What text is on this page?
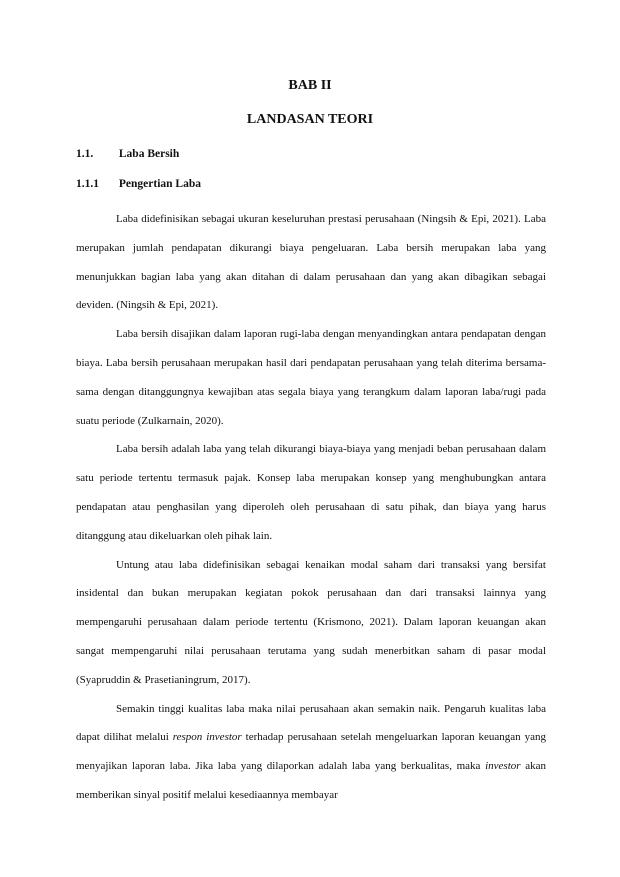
BAB II
LANDASAN TEORI
1.1. Laba Bersih
1.1.1 Pengertian Laba

Laba didefinisikan sebagai ukuran keseluruhan prestasi perusahaan (Ningsih & Epi, 2021). Laba merupakan jumlah pendapatan dikurangi biaya pengeluaran. Laba bersih merupakan laba yang menunjukkan bagian laba yang akan ditahan di dalam perusahaan dan yang akan dibagikan sebagai deviden. (Ningsih & Epi, 2021).

Laba bersih disajikan dalam laporan rugi-laba dengan menyandingkan antara pendapatan dengan biaya. Laba bersih perusahaan merupakan hasil dari pendapatan perusahaan yang telah diterima bersama-sama dengan ditanggungnya kewajiban atas segala biaya yang terangkum dalam laporan laba/rugi pada suatu periode (Zulkarnain, 2020).

Laba bersih adalah laba yang telah dikurangi biaya-biaya yang menjadi beban perusahaan dalam satu periode tertentu termasuk pajak. Konsep laba merupakan konsep yang menghubungkan antara pendapatan atau penghasilan yang diperoleh oleh perusahaan di satu pihak, dan biaya yang harus ditanggung atau dikeluarkan oleh pihak lain.

Untung atau laba didefinisikan sebagai kenaikan modal saham dari transaksi yang bersifat insidental dan bukan merupakan kegiatan pokok perusahaan dan dari transaksi lainnya yang mempengaruhi perusahaan dalam periode tertentu (Krismono, 2021). Dalam laporan keuangan akan sangat mempengaruhi nilai perusahaan terutama yang sudah menerbitkan saham di pasar modal (Syapruddin & Prasetianingrum, 2017).

Semakin tinggi kualitas laba maka nilai perusahaan akan semakin naik. Pengaruh kualitas laba dapat dilihat melalui respon investor terhadap perusahaan setelah mengeluarkan laporan keuangan yang menyajikan laporan laba. Jika laba yang dilaporkan adalah laba yang berkualitas, maka investor akan memberikan sinyal positif melalui kesediaannya membayar
